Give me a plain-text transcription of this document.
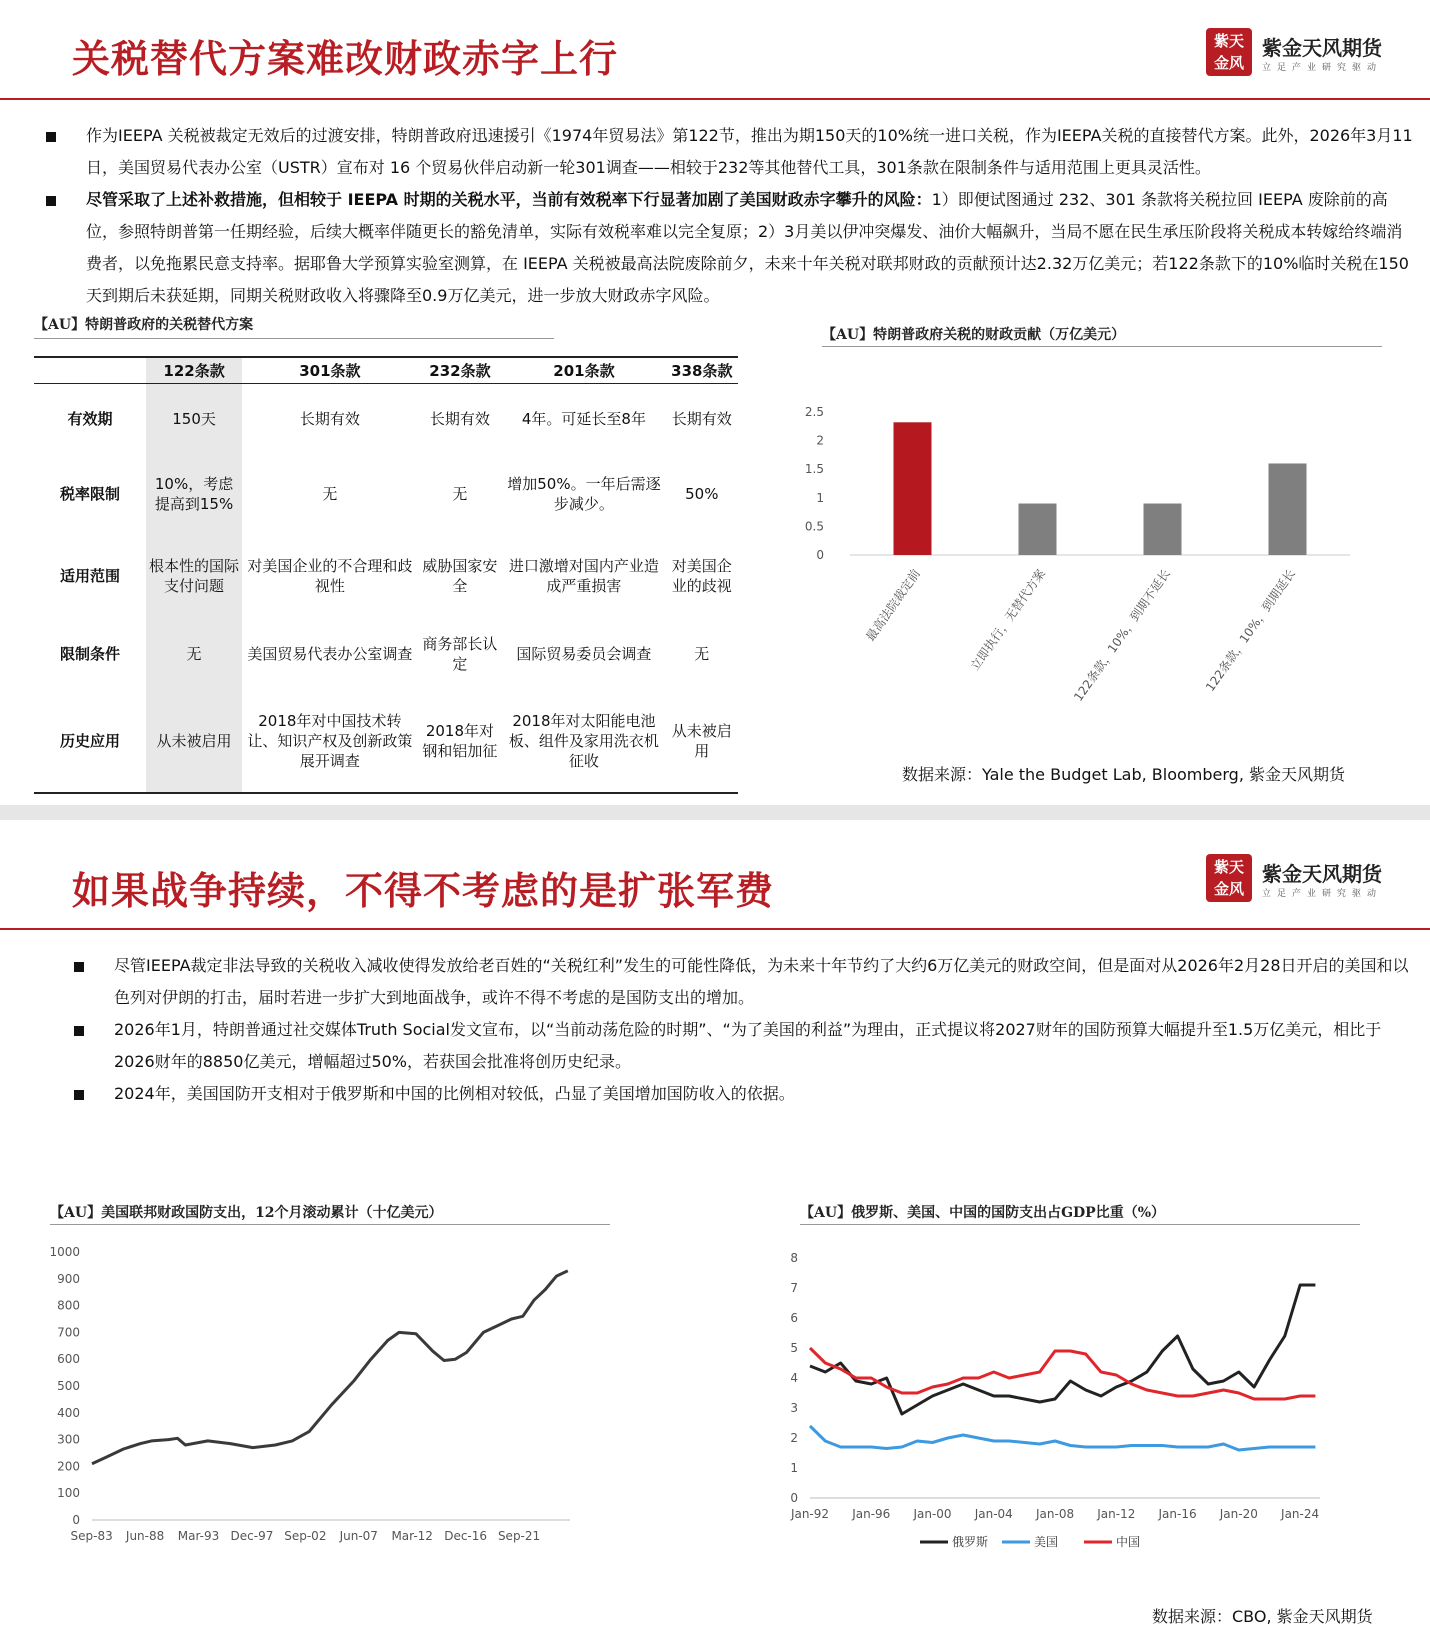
关税替代方案难改财政赤字上行	紫天
金风
紫金天风期货
立足产业研究驱动
作为IEEPA 关税被裁定无效后的过渡安排，特朗普政府迅速援引《1974年贸易法》第122节，推出为期150天的10%统一进口关税，作为IEEPA关税的直接替代方案。此外，2026年3月11日，美国贸易代表办公室（USTR）宣布对 16 个贸易伙伴启动新一轮301调查——相较于232等其他替代工具，301条款在限制条件与适用范围上更具灵活性。
尽管采取了上述补救措施，但相较于 IEEPA 时期的关税水平，当前有效税率下行显著加剧了美国财政赤字攀升的风险：1）即便试图通过 232、301 条款将关税拉回 IEEPA 废除前的高位，参照特朗普第一任期经验，后续大概率伴随更长的豁免清单，实际有效税率难以完全复原；2）3月美以伊冲突爆发、油价大幅飙升，当局不愿在民生承压阶段将关税成本转嫁给终端消费者，以免拖累民意支持率。据耶鲁大学预算实验室测算，在 IEEPA 关税被最高法院废除前夕，未来十年关税对联邦财政的贡献预计达2.32万亿美元；若122条款下的10%临时关税在150天到期后未获延期，同期关税财政收入将骤降至0.9万亿美元，进一步放大财政赤字风险。
【AU】特朗普政府的关税替代方案
	122条款	301条款	232条款	201条款	338条款
有效期	150天	长期有效	长期有效	4年。可延长至8年	长期有效
税率限制	10%，考虑提高到15%	无	无	增加50%。一年后需逐步减少。	50%
适用范围	根本性的国际支付问题	对美国企业的不合理和歧视性	威胁国家安全	进口激增对国内产业造成严重损害	对美国企业的歧视
限制条件	无	美国贸易代表办公室调查	商务部长认定	国际贸易委员会调查	无
历史应用	从未被启用	2018年对中国技术转让、知识产权及创新政策展开调查	2018年对钢和铝加征	2018年对太阳能电池板、组件及家用洗衣机征收	从未被启用
【AU】特朗普政府关税的财政贡献（万亿美元）
0
0.5
1
1.5
2
2.5
最高法院裁定前	立即执行，无替代方案 122条款，10%，到期不延长	122条款，10%，到期延长
数据来源：Yale the Budget Lab, Bloomberg, 紫金天风期货
如果战争持续，不得不考虑的是扩张军费
紫天
金风
紫金天风期货
立足产业研究驱动
尽管IEEPA裁定非法导致的关税收入减收使得发放给老百姓的“关税红利”发生的可能性降低，为未来十年节约了大约6万亿美元的财政空间，但是面对从2026年2月28日开启的美国和以色列对伊朗的打击，届时若进一步扩大到地面战争，或许不得不考虑的是国防支出的增加。
2026年1月，特朗普通过社交媒体Truth Social发文宣布，以“当前动荡危险的时期”、“为了美国的利益”为理由，正式提议将2027财年的国防预算大幅提升至1.5万亿美元，相比于2026财年的8850亿美元，增幅超过50%，若获国会批准将创历史纪录。
2024年，美国国防开支相对于俄罗斯和中国的比例相对较低，凸显了美国增加国防收入的依据。
【AU】美国联邦财政国防支出，12个月滚动累计（十亿美元）
0
100
200
300
400
500
600
700
800
900
1000
Sep-83 Jun-88 Mar-93 Dec-97 Sep-02 Jun-07 Mar-12 Dec-16 Sep-21
【AU】俄罗斯、美国、中国的国防支出占GDP比重（%）
0
1
2
3
4
5
6
7
8
Jan-92 Jan-96 Jan-00 Jan-04 Jan-08 Jan-12 Jan-16 Jan-20 Jan-24
俄罗斯	美国	中国
数据来源：CBO, 紫金天风期货
